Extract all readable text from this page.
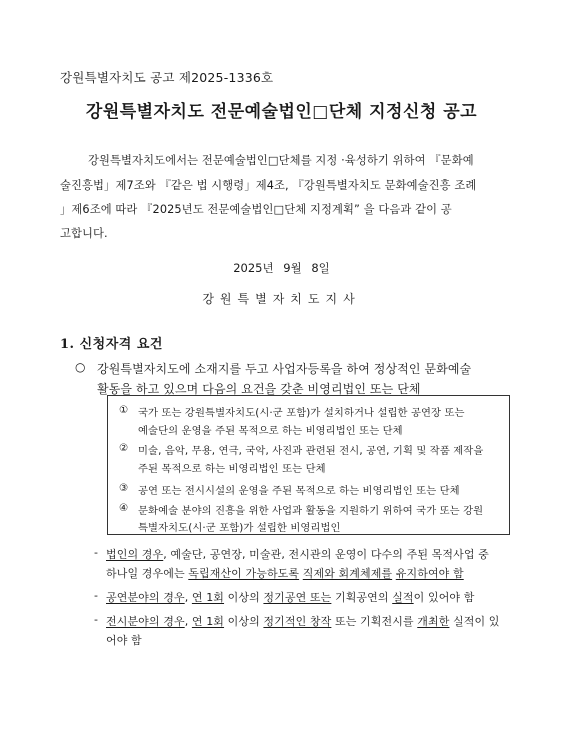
강원특별자치도 공고 제2025-1336호
강원특별자치도 전문예술법인□단체 지정신청 공고
강원특별자치도에서는 전문예술법인□단체를 지정 ·육성하기 위하여 『문화예
술진흥법」제7조와 『같은 법 시행령」제4조, 『강원특별자치도 문화예술진흥 조례
」제6조에 따라 『2025년도 전문예술법인□단체 지정계획” 을 다음과 같이 공
고합니다.
2025년 9월 8일
강원특별자치도지사
1. 신청자격 요건
○ 강원특별자치도에 소재지를 두고 사업자등록을 하여 정상적인 문화예술
활동을 하고 있으며 다음의 요건을 갖춘 비영리법인 또는 단체
① 국가 또는 강원특별자치도(시·군 포함)가 설치하거나 설립한 공연장 또는
예술단의 운영을 주된 목적으로 하는 비영리법인 또는 단체
② 미술, 음악, 무용, 연극, 국악, 사진과 관련된 전시, 공연, 기획 및 작품 제작을
주된 목적으로 하는 비영리법인 또는 단체
③ 공연 또는 전시시설의 운영을 주된 목적으로 하는 비영리법인 또는 단체
④ 문화예술 분야의 진흥을 위한 사업과 활동을 지원하기 위하여 국가 또는 강원
특별자치도(시·군 포함)가 설립한 비영리법인
- 법인의 경우, 예술단, 공연장, 미술관, 전시관의 운영이 다수의 주된 목적사업 중
하나일 경우에는 독립재산이 가능하도록 직제와 회계체제를 유지하여야 함
- 공연분야의 경우, 연 1회 이상의 정기공연 또는 기획공연의 실적이 있어야 함
- 전시분야의 경우, 연 1회 이상의 정기적인 창작 또는 기획전시를 개최한 실적이 있
어야 함
